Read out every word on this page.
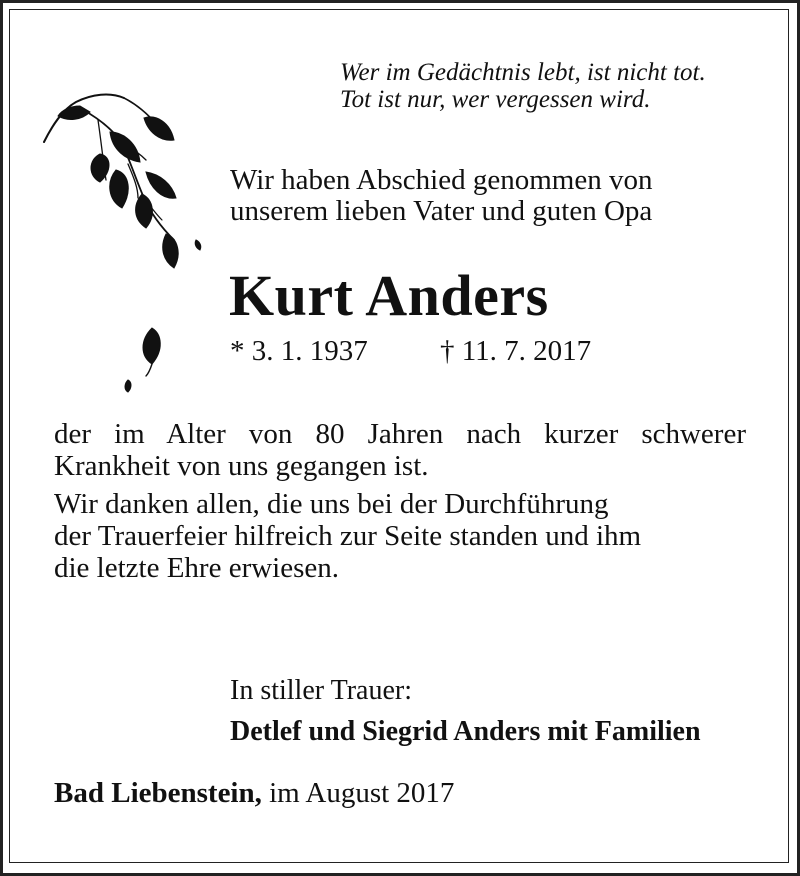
Wer im Gedächtnis lebt, ist nicht tot.
Tot ist nur, wer vergessen wird.
Wir haben Abschied genommen von
unserem lieben Vater und guten Opa
Kurt Anders
* 3. 1. 1937 † 11. 7. 2017
der im Alter von 80 Jahren nach kurzer schwerer
Krankheit von uns gegangen ist.
Wir danken allen, die uns bei der Durchführung
der Trauerfeier hilfreich zur Seite standen und ihm
die letzte Ehre erwiesen.
In stiller Trauer:
Detlef und Siegrid Anders mit Familien
Bad Liebenstein, im August 2017
